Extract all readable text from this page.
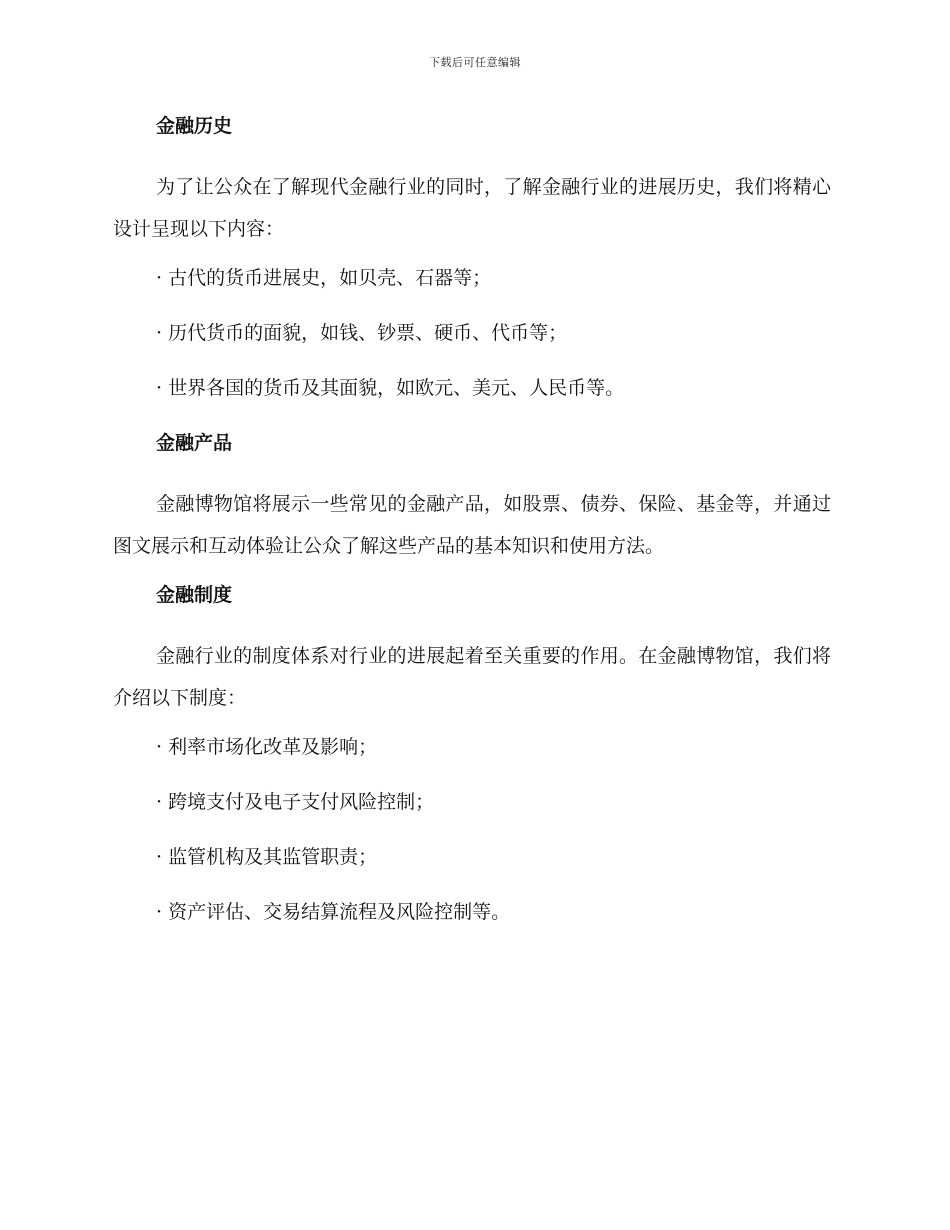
下载后可任意编辑
金融历史
为了让公众在了解现代金融行业的同时，了解金融行业的进展历史，我们将精心设计呈现以下内容：
· 古代的货币进展史，如贝壳、石器等；
· 历代货币的面貌，如钱、钞票、硬币、代币等；
· 世界各国的货币及其面貌，如欧元、美元、人民币等。
金融产品
金融博物馆将展示一些常见的金融产品，如股票、债券、保险、基金等，并通过图文展示和互动体验让公众了解这些产品的基本知识和使用方法。
金融制度
金融行业的制度体系对行业的进展起着至关重要的作用。在金融博物馆，我们将介绍以下制度：
· 利率市场化改革及影响；
· 跨境支付及电子支付风险控制；
· 监管机构及其监管职责；
· 资产评估、交易结算流程及风险控制等。
